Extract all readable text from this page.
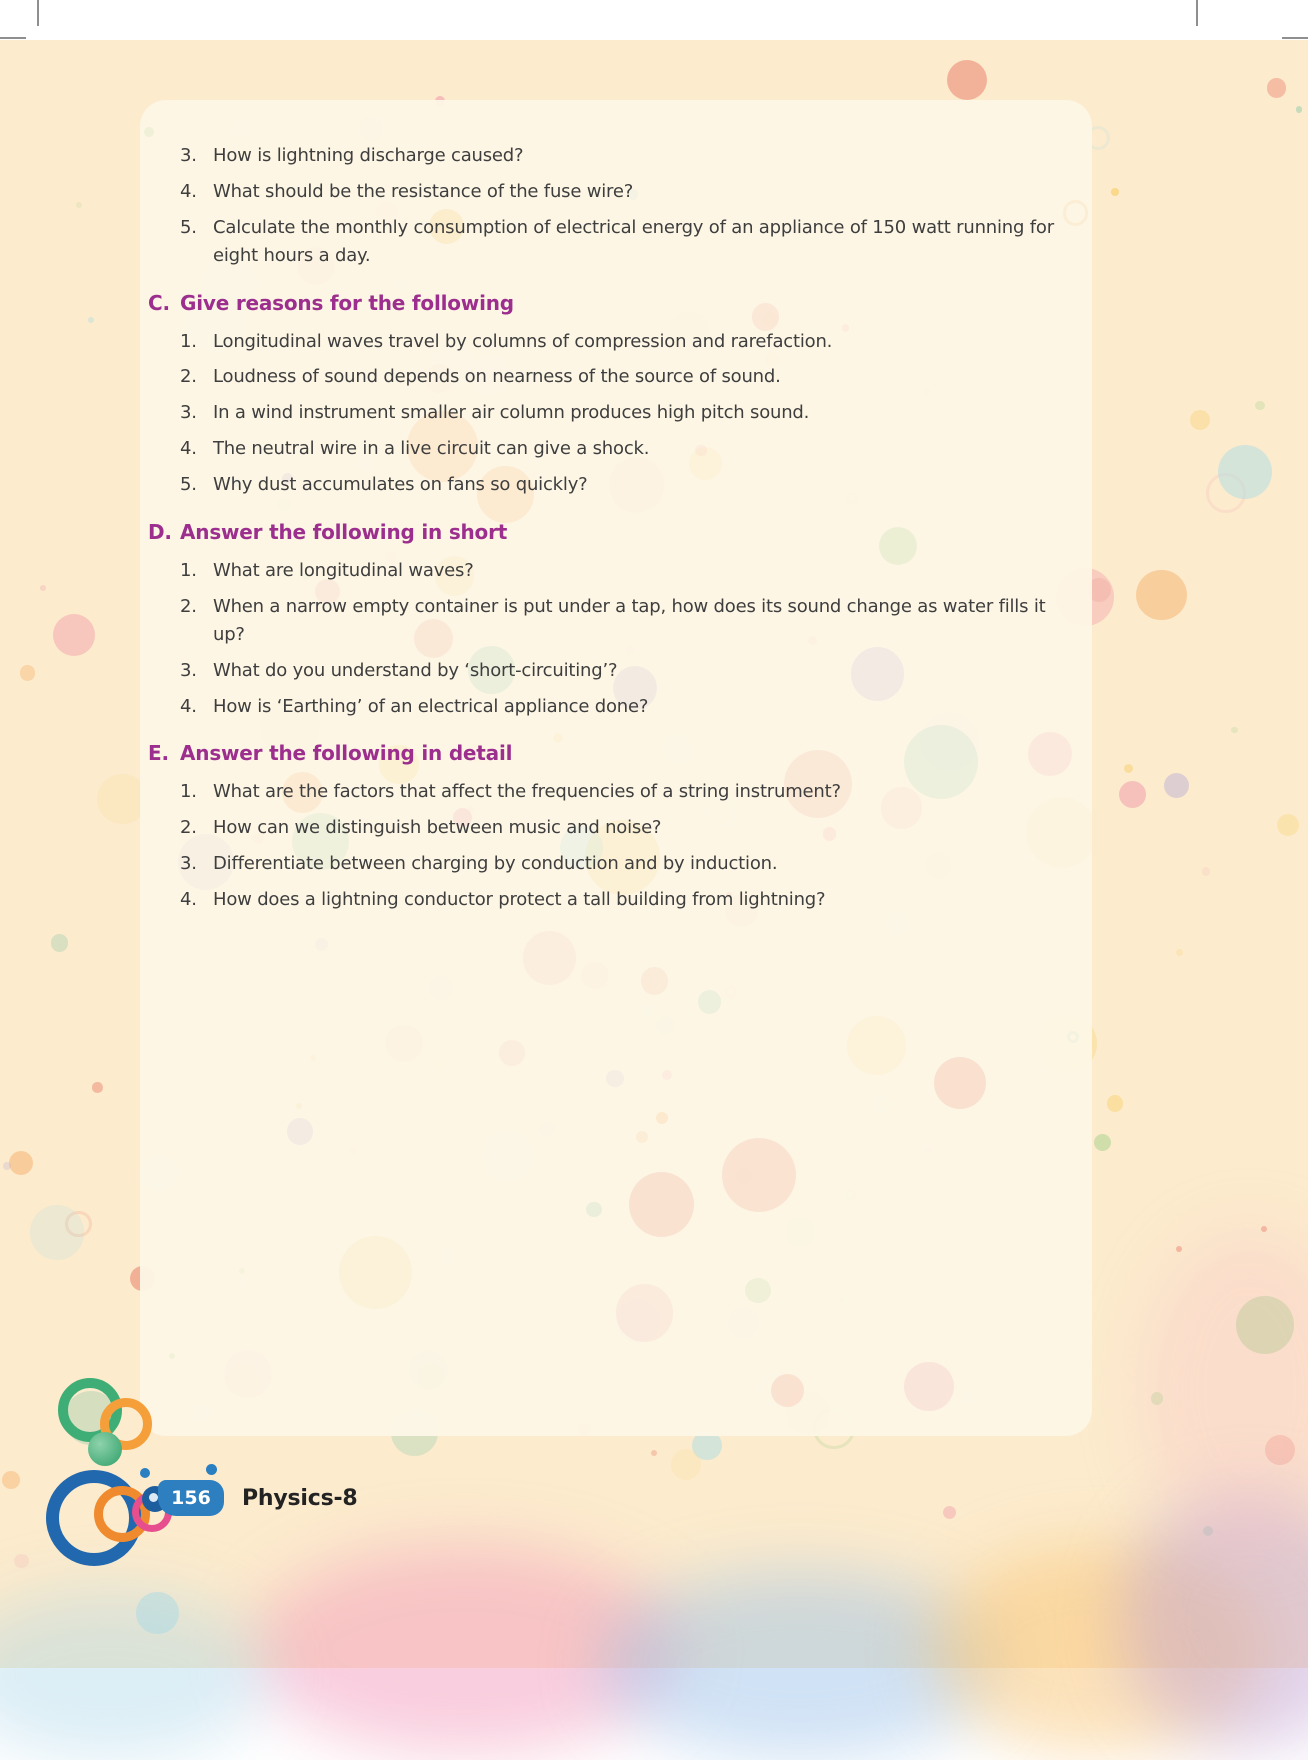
3. How is lightning discharge caused?
4. What should be the resistance of the fuse wire?
5. Calculate the monthly consumption of electrical energy of an appliance of 150 watt running for eight hours a day.
C. Give reasons for the following
1. Longitudinal waves travel by columns of compression and rarefaction.
2. Loudness of sound depends on nearness of the source of sound.
3. In a wind instrument smaller air column produces high pitch sound.
4. The neutral wire in a live circuit can give a shock.
5. Why dust accumulates on fans so quickly?
D. Answer the following in short
1. What are longitudinal waves?
2. When a narrow empty container is put under a tap, how does its sound change as water fills it up?
3. What do you understand by ‘short-circuiting’?
4. How is ‘Earthing’ of an electrical appliance done?
E. Answer the following in detail
1. What are the factors that affect the frequencies of a string instrument?
2. How can we distinguish between music and noise?
3. Differentiate between charging by conduction and by induction.
4. How does a lightning conductor protect a tall building from lightning?
156	Physics-8
